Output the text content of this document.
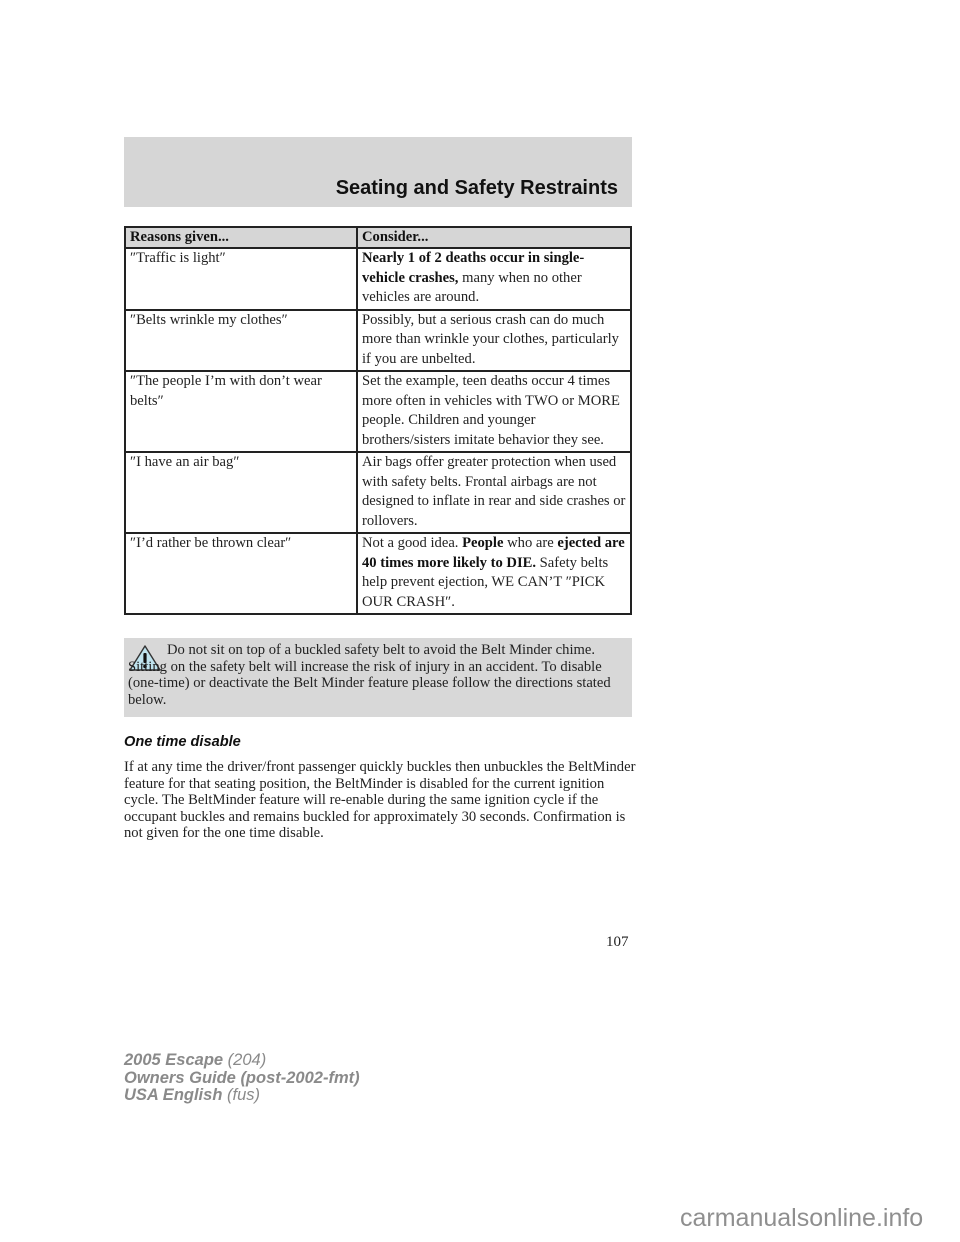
Seating and Safety Restraints
Reasons given...	Consider...
″Traffic is light″	Nearly 1 of 2 deaths occur in single-vehicle crashes, many when no other vehicles are around.
″Belts wrinkle my clothes″	Possibly, but a serious crash can do much more than wrinkle your clothes, particularly if you are unbelted.
″The people I’m with don’t wear belts″	Set the example, teen deaths occur 4 times more often in vehicles with TWO or MORE people. Children and younger brothers/sisters imitate behavior they see.
″I have an air bag″	Air bags offer greater protection when used with safety belts. Frontal airbags are not designed to inflate in rear and side crashes or rollovers.
″I’d rather be thrown clear″	Not a good idea. People who are ejected are 40 times more likely to DIE. Safety belts help prevent ejection, WE CAN’T ″PICK OUR CRASH″.
Do not sit on top of a buckled safety belt to avoid the Belt Minder chime. Sitting on the safety belt will increase the risk of injury in an accident. To disable (one-time) or deactivate the Belt Minder feature please follow the directions stated below.
One time disable
If at any time the driver/front passenger quickly buckles then unbuckles the BeltMinder feature for that seating position, the BeltMinder is disabled for the current ignition cycle. The BeltMinder feature will re-enable during the same ignition cycle if the occupant buckles and remains buckled for approximately 30 seconds. Confirmation is not given for the one time disable.
107
2005 Escape (204)
Owners Guide (post-2002-fmt)
USA English (fus)
carmanualsonline.info
